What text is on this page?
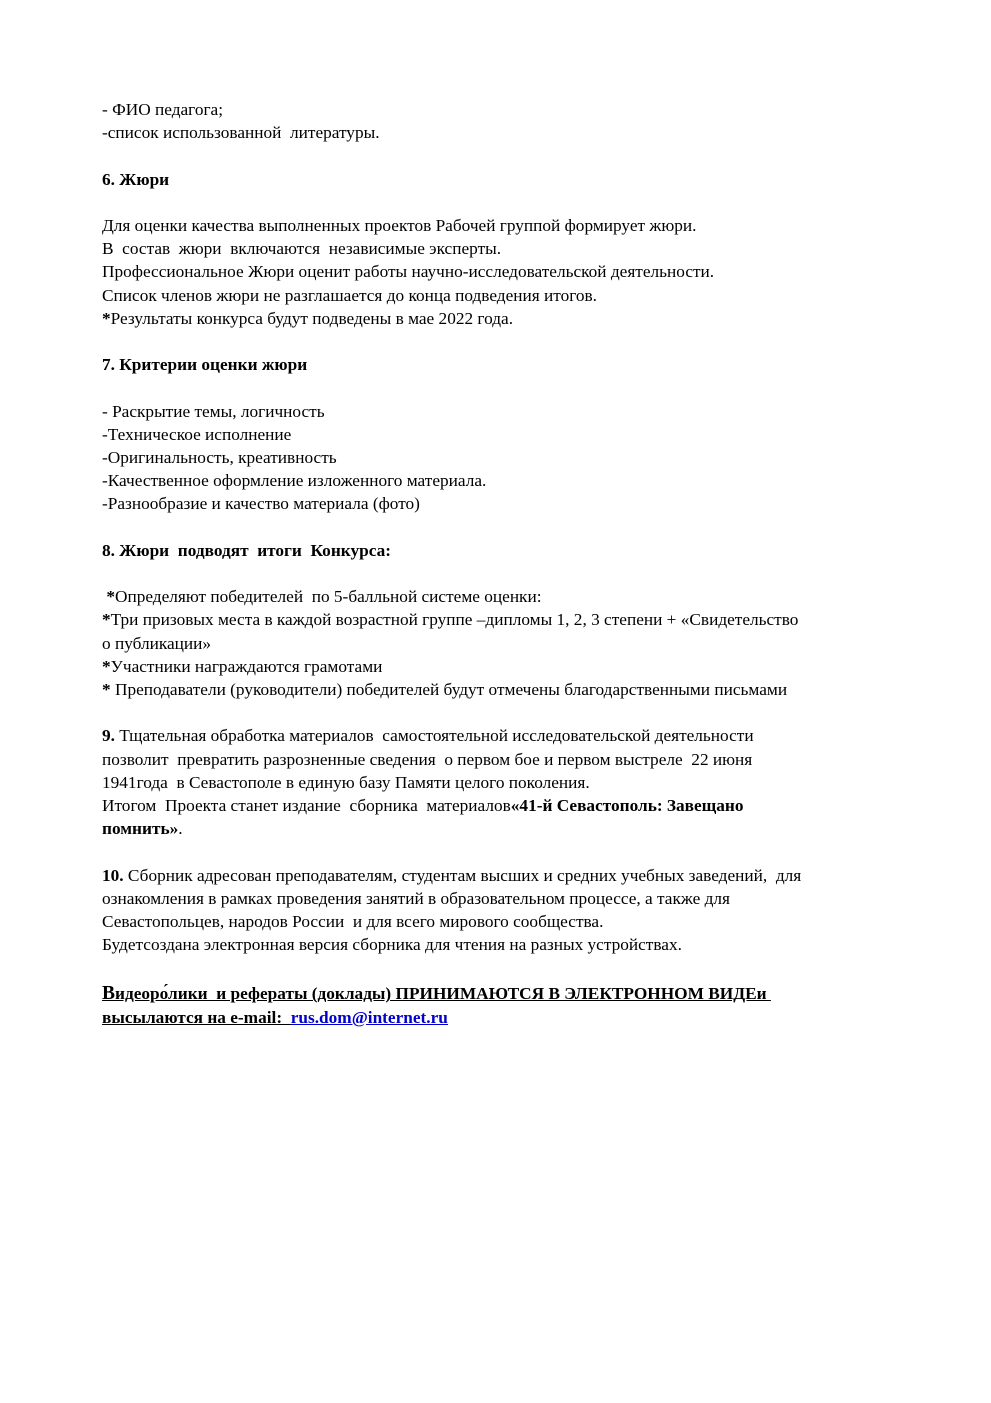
- ФИО педагога;

-список использованной  литературы.

6. Жюри

Для оценки качества выполненных проектов Рабочей группой формирует жюри.

В  состав  жюри  включаются  независимые эксперты.

Профессиональное Жюри оценит работы научно-исследовательской деятельности.

Список членов жюри не разглашается до конца подведения итогов.

*Результаты конкурса будут подведены в мае 2022 года.

7. Критерии оценки жюри

- Раскрытие темы, логичность

-Техническое исполнение

-Оригинальность, креативность

-Качественное оформление изложенного материала.

-Разнообразие и качество материала (фото)

8. Жюри  подводят  итоги  Конкурса:

*Определяют победителей  по 5-балльной системе оценки:

*Три призовых места в каждой возрастной группе –дипломы 1, 2, 3 степени + «Свидетельство

о публикации»

*Участники награждаются грамотами

* Преподаватели (руководители) победителей будут отмечены благодарственными письмами

9. Тщательная обработка материалов  самостоятельной исследовательской деятельности

позволит  превратить разрозненные сведения  о первом бое и первом выстреле  22 июня

1941года  в Севастополе в единую базу Памяти целого поколения.

Итогом  Проекта станет издание  сборника  материалов«41-й Севастополь: Завещано

помнить».

10. Сборник адресован преподавателям, студентам высших и средних учебных заведений,  для

ознакомления в рамках проведения занятий в образовательном процессе, а также для

Севастопольцев, народов России  и для всего мирового сообщества.

Будетсоздана электронная версия сборника для чтения на разных устройствах.

Видеоро́лики  и рефераты (доклады) ПРИНИМАЮТСЯ В ЭЛЕКТРОННОМ ВИДЕи

высылаются на e-mail:  rus.dom@internet.ru
